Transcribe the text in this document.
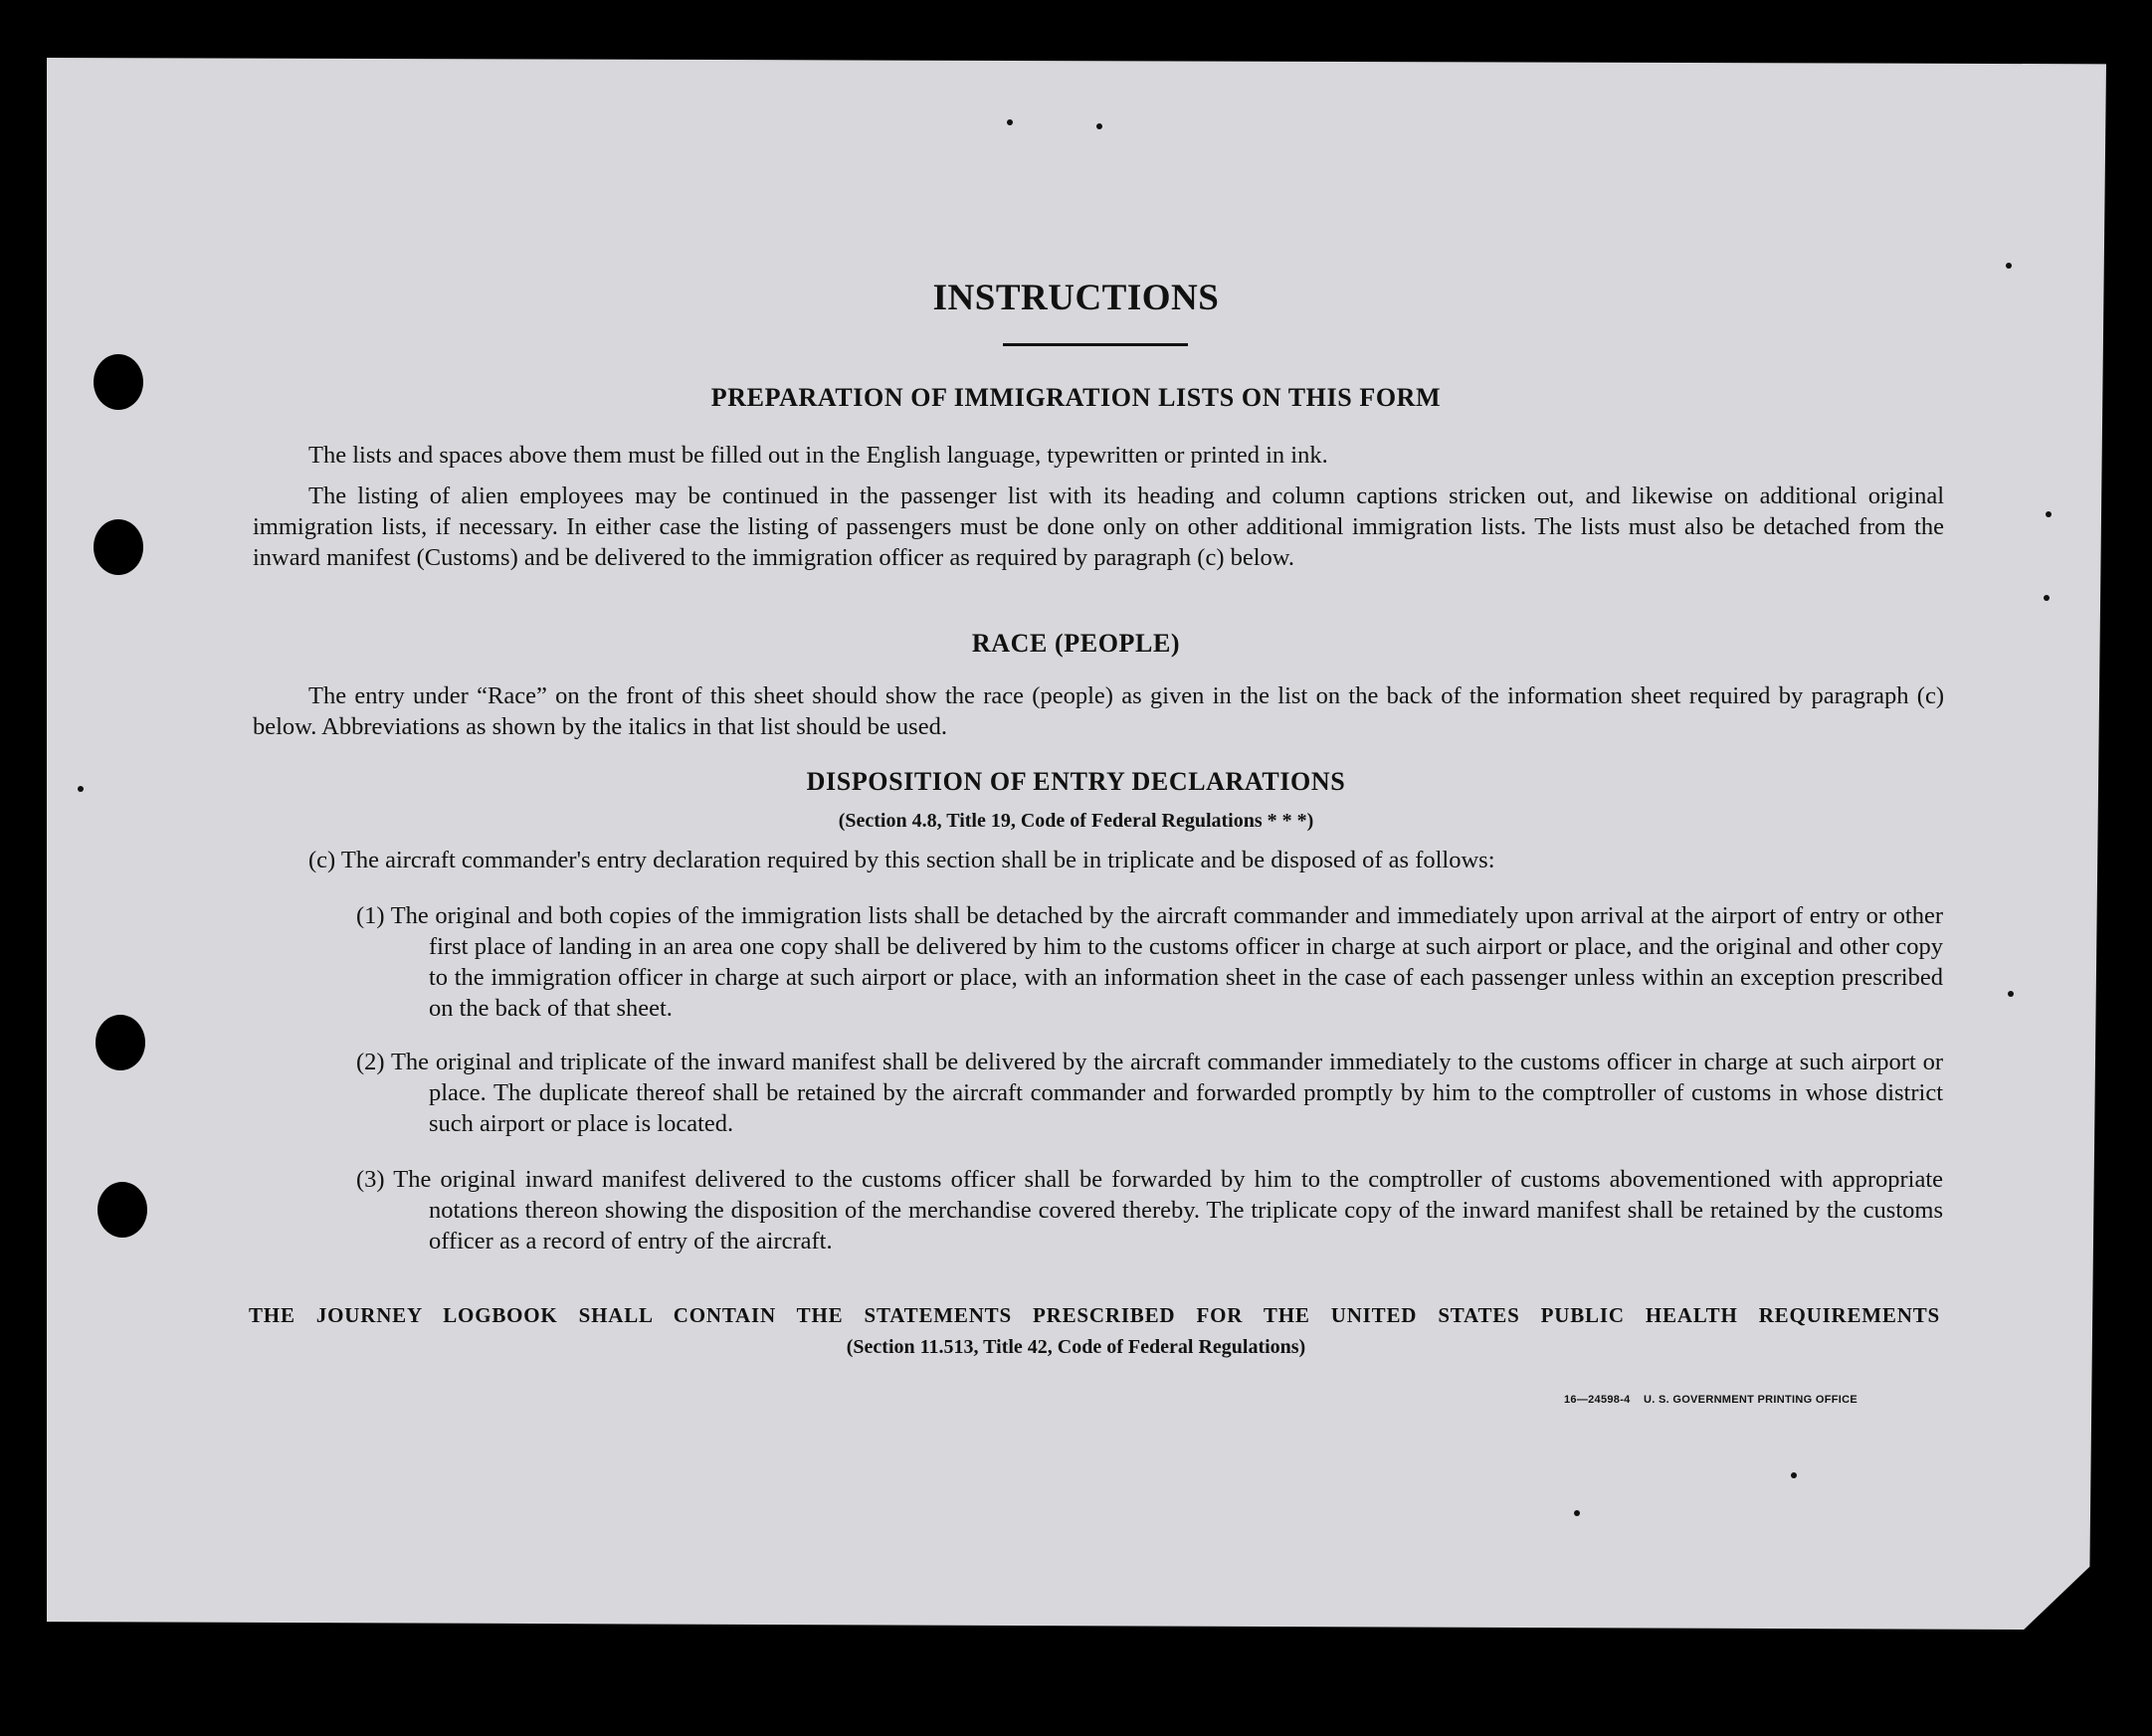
INSTRUCTIONS
PREPARATION OF IMMIGRATION LISTS ON THIS FORM
The lists and spaces above them must be filled out in the English language, typewritten or printed in ink.
The listing of alien employees may be continued in the passenger list with its heading and column captions stricken out, and likewise on additional original immigration lists, if necessary. In either case the listing of passengers must be done only on other additional immigration lists. The lists must also be detached from the inward manifest (Customs) and be delivered to the immigration officer as required by paragraph (c) below.
RACE (PEOPLE)
The entry under “Race” on the front of this sheet should show the race (people) as given in the list on the back of the information sheet required by paragraph (c) below. Abbreviations as shown by the italics in that list should be used.
DISPOSITION OF ENTRY DECLARATIONS
(Section 4.8, Title 19, Code of Federal Regulations * * *)
(c) The aircraft commander's entry declaration required by this section shall be in triplicate and be disposed of as follows:
(1) The original and both copies of the immigration lists shall be detached by the aircraft commander and immediately upon arrival at the airport of entry or other first place of landing in an area one copy shall be delivered by him to the customs officer in charge at such airport or place, and the original and other copy to the immigration officer in charge at such airport or place, with an information sheet in the case of each passenger unless within an exception prescribed on the back of that sheet.
(2) The original and triplicate of the inward manifest shall be delivered by the aircraft commander immediately to the customs officer in charge at such airport or place. The duplicate thereof shall be retained by the aircraft commander and forwarded promptly by him to the comptroller of customs in whose district such airport or place is located.
(3) The original inward manifest delivered to the customs officer shall be forwarded by him to the comptroller of customs abovementioned with appropriate notations thereon showing the disposition of the merchandise covered thereby. The triplicate copy of the inward manifest shall be retained by the customs officer as a record of entry of the aircraft.
THE JOURNEY LOGBOOK SHALL CONTAIN THE STATEMENTS PRESCRIBED FOR THE UNITED STATES PUBLIC HEALTH REQUIREMENTS
(Section 11.513, Title 42, Code of Federal Regulations)
16—24598-4    U. S. GOVERNMENT PRINTING OFFICE
